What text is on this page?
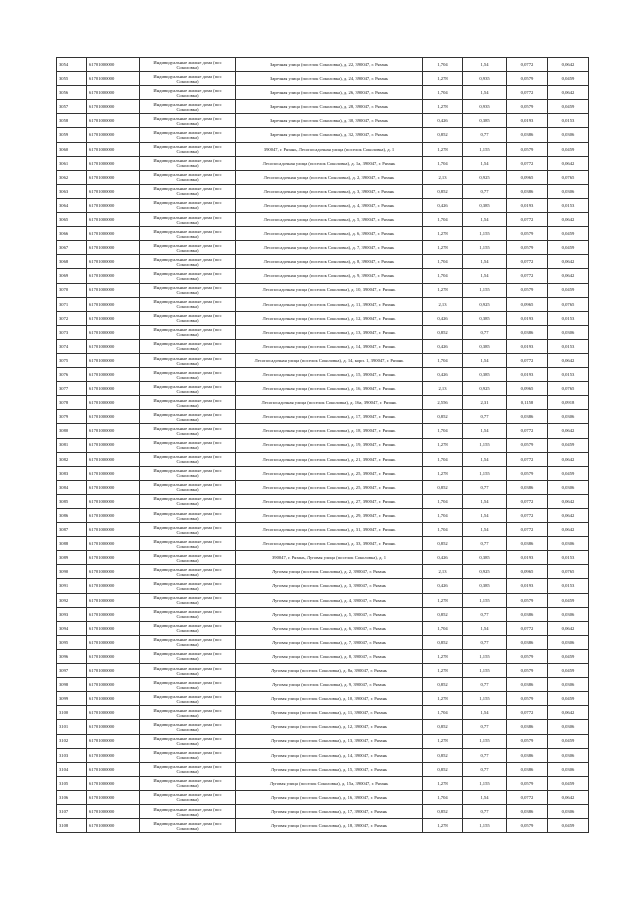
3054	61701000000	Индивидуальные жилые дома (пос Соколовка)	Заречная улица (поселок Соколовка), д. 22, 390047, г. Рязань	1,704	1,54	0,0772	0,0642
3055	61701000000	Индивидуальные жилые дома (пос Соколовка)	Заречная улица (поселок Соколовка), д. 24, 390047, г. Рязань	1,278	0,935	0,0579	0,0459
3056	61701000000	Индивидуальные жилые дома (пос Соколовка)	Заречная улица (поселок Соколовка), д. 26, 390047, г. Рязань	1,704	1,54	0,0772	0,0642
3057	61701000000	Индивидуальные жилые дома (пос Соколовка)	Заречная улица (поселок Соколовка), д. 28, 390047, г. Рязань	1,278	0,935	0,0579	0,0459
3058	61701000000	Индивидуальные жилые дома (пос Соколовка)	Заречная улица (поселок Соколовка), д. 30, 390047, г. Рязань	0,426	0,385	0,0193	0,0153
3059	61701000000	Индивидуальные жилые дома (пос Соколовка)	Заречная улица (поселок Соколовка), д. 32, 390047, г. Рязань	0,852	0,77	0,0386	0,0306
3060	61701000000	Индивидуальные жилые дома (пос Соколовка)	390047, г. Рязань, Лесопосадочная улица (поселок Соколовка), д. 1	1,278	1,155	0,0579	0,0459
3061	61701000000	Индивидуальные жилые дома (пос Соколовка)	Лесопосадочная улица (поселок Соколовка), д. 1а, 390047, г. Рязань	1,704	1,54	0,0772	0,0642
3062	61701000000	Индивидуальные жилые дома (пос Соколовка)	Лесопосадочная улица (поселок Соколовка), д. 2, 390047, г. Рязань	2,13	0,925	0,0965	0,0765
3063	61701000000	Индивидуальные жилые дома (пос Соколовка)	Лесопосадочная улица (поселок Соколовка), д. 3, 390047, г. Рязань	0,852	0,77	0,0386	0,0306
3064	61701000000	Индивидуальные жилые дома (пос Соколовка)	Лесопосадочная улица (поселок Соколовка), д. 4, 390047, г. Рязань	0,426	0,385	0,0193	0,0153
3065	61701000000	Индивидуальные жилые дома (пос Соколовка)	Лесопосадочная улица (поселок Соколовка), д. 5, 390047, г. Рязань	1,704	1,54	0,0772	0,0642
3066	61701000000	Индивидуальные жилые дома (пос Соколовка)	Лесопосадочная улица (поселок Соколовка), д. 6, 390047, г. Рязань	1,278	1,155	0,0579	0,0459
3067	61701000000	Индивидуальные жилые дома (пос Соколовка)	Лесопосадочная улица (поселок Соколовка), д. 7, 390047, г. Рязань	1,278	1,155	0,0579	0,0459
3068	61701000000	Индивидуальные жилые дома (пос Соколовка)	Лесопосадочная улица (поселок Соколовка), д. 8, 390047, г. Рязань	1,704	1,54	0,0772	0,0642
3069	61701000000	Индивидуальные жилые дома (пос Соколовка)	Лесопосадочная улица (поселок Соколовка), д. 9, 390047, г. Рязань	1,704	1,54	0,0772	0,0642
3070	61701000000	Индивидуальные жилые дома (пос Соколовка)	Лесопосадочная улица (поселок Соколовка), д. 10, 390047, г. Рязань	1,278	1,155	0,0579	0,0459
3071	61701000000	Индивидуальные жилые дома (пос Соколовка)	Лесопосадочная улица (поселок Соколовка), д. 11, 390047, г. Рязань	2,13	0,925	0,0965	0,0765
3072	61701000000	Индивидуальные жилые дома (пос Соколовка)	Лесопосадочная улица (поселок Соколовка), д. 12, 390047, г. Рязань	0,426	0,385	0,0193	0,0153
3073	61701000000	Индивидуальные жилые дома (пос Соколовка)	Лесопосадочная улица (поселок Соколовка), д. 13, 390047, г. Рязань	0,852	0,77	0,0386	0,0306
3074	61701000000	Индивидуальные жилые дома (пос Соколовка)	Лесопосадочная улица (поселок Соколовка), д. 14, 390047, г. Рязань	0,426	0,385	0,0193	0,0153
3075	61701000000	Индивидуальные жилые дома (пос Соколовка)	Лесопосадочная улица (поселок Соколовка), д. 14, корп. 1, 390047, г. Рязань	1,704	1,54	0,0772	0,0642
3076	61701000000	Индивидуальные жилые дома (пос Соколовка)	Лесопосадочная улица (поселок Соколовка), д. 15, 390047, г. Рязань	0,426	0,385	0,0193	0,0153
3077	61701000000	Индивидуальные жилые дома (пос Соколовка)	Лесопосадочная улица (поселок Соколовка), д. 16, 390047, г. Рязань	2,13	0,925	0,0965	0,0765
3078	61701000000	Индивидуальные жилые дома (пос Соколовка)	Лесопосадочная улица (поселок Соколовка), д. 16а, 390047, г. Рязань	2,556	2,31	0,1158	0,0918
3079	61701000000	Индивидуальные жилые дома (пос Соколовка)	Лесопосадочная улица (поселок Соколовка), д. 17, 390047, г. Рязань	0,852	0,77	0,0386	0,0306
3080	61701000000	Индивидуальные жилые дома (пос Соколовка)	Лесопосадочная улица (поселок Соколовка), д. 18, 390047, г. Рязань	1,704	1,54	0,0772	0,0642
3081	61701000000	Индивидуальные жилые дома (пос Соколовка)	Лесопосадочная улица (поселок Соколовка), д. 19, 390047, г. Рязань	1,278	1,155	0,0579	0,0459
3082	61701000000	Индивидуальные жилые дома (пос Соколовка)	Лесопосадочная улица (поселок Соколовка), д. 21, 390047, г. Рязань	1,704	1,54	0,0772	0,0642
3083	61701000000	Индивидуальные жилые дома (пос Соколовка)	Лесопосадочная улица (поселок Соколовка), д. 25, 390047, г. Рязань	1,278	1,155	0,0579	0,0459
3084	61701000000	Индивидуальные жилые дома (пос Соколовка)	Лесопосадочная улица (поселок Соколовка), д. 25, 390047, г. Рязань	0,852	0,77	0,0386	0,0306
3085	61701000000	Индивидуальные жилые дома (пос Соколовка)	Лесопосадочная улица (поселок Соколовка), д. 27, 390047, г. Рязань	1,704	1,54	0,0772	0,0642
3086	61701000000	Индивидуальные жилые дома (пос Соколовка)	Лесопосадочная улица (поселок Соколовка), д. 29, 390047, г. Рязань	1,704	1,54	0,0772	0,0642
3087	61701000000	Индивидуальные жилые дома (пос Соколовка)	Лесопосадочная улица (поселок Соколовка), д. 31, 390047, г. Рязань	1,704	1,54	0,0772	0,0642
3088	61701000000	Индивидуальные жилые дома (пос Соколовка)	Лесопосадочная улица (поселок Соколовка), д. 33, 390047, г. Рязань	0,852	0,77	0,0386	0,0306
3089	61701000000	Индивидуальные жилые дома (пос Соколовка)	390047, г. Рязань, Луговая улица (поселок Соколовка), д. 1	0,426	0,385	0,0193	0,0153
3090	61701000000	Индивидуальные жилые дома (пос Соколовка)	Луговая улица (поселок Соколовка), д. 2, 390047, г. Рязань	2,13	0,925	0,0965	0,0765
3091	61701000000	Индивидуальные жилые дома (пос Соколовка)	Луговая улица (поселок Соколовка), д. 3, 390047, г. Рязань	0,426	0,385	0,0193	0,0153
3092	61701000000	Индивидуальные жилые дома (пос Соколовка)	Луговая улица (поселок Соколовка), д. 4, 390047, г. Рязань	1,278	1,155	0,0579	0,0459
3093	61701000000	Индивидуальные жилые дома (пос Соколовка)	Луговая улица (поселок Соколовка), д. 5, 390047, г. Рязань	0,852	0,77	0,0386	0,0306
3094	61701000000	Индивидуальные жилые дома (пос Соколовка)	Луговая улица (поселок Соколовка), д. 6, 390047, г. Рязань	1,704	1,54	0,0772	0,0642
3095	61701000000	Индивидуальные жилые дома (пос Соколовка)	Луговая улица (поселок Соколовка), д. 7, 390047, г. Рязань	0,852	0,77	0,0386	0,0306
3096	61701000000	Индивидуальные жилые дома (пос Соколовка)	Луговая улица (поселок Соколовка), д. 8, 390047, г. Рязань	1,278	1,155	0,0579	0,0459
3097	61701000000	Индивидуальные жилые дома (пос Соколовка)	Луговая улица (поселок Соколовка), д. 8а, 390047, г. Рязань	1,278	1,155	0,0579	0,0459
3098	61701000000	Индивидуальные жилые дома (пос Соколовка)	Луговая улица (поселок Соколовка), д. 9, 390047, г. Рязань	0,852	0,77	0,0386	0,0306
3099	61701000000	Индивидуальные жилые дома (пос Соколовка)	Луговая улица (поселок Соколовка), д. 10, 390047, г. Рязань	1,278	1,155	0,0579	0,0459
3100	61701000000	Индивидуальные жилые дома (пос Соколовка)	Луговая улица (поселок Соколовка), д. 11, 390047, г. Рязань	1,704	1,54	0,0772	0,0642
3101	61701000000	Индивидуальные жилые дома (пос Соколовка)	Луговая улица (поселок Соколовка), д. 12, 390047, г. Рязань	0,852	0,77	0,0386	0,0306
3102	61701000000	Индивидуальные жилые дома (пос Соколовка)	Луговая улица (поселок Соколовка), д. 13, 390047, г. Рязань	1,278	1,155	0,0579	0,0459
3103	61701000000	Индивидуальные жилые дома (пос Соколовка)	Луговая улица (поселок Соколовка), д. 14, 390047, г. Рязань	0,852	0,77	0,0386	0,0306
3104	61701000000	Индивидуальные жилые дома (пос Соколовка)	Луговая улица (поселок Соколовка), д. 15, 390047, г. Рязань	0,852	0,77	0,0386	0,0306
3105	61701000000	Индивидуальные жилые дома (пос Соколовка)	Луговая улица (поселок Соколовка), д. 15а, 390047, г. Рязань	1,278	1,155	0,0579	0,0459
3106	61701000000	Индивидуальные жилые дома (пос Соколовка)	Луговая улица (поселок Соколовка), д. 16, 390047, г. Рязань	1,704	1,54	0,0772	0,0642
3107	61701000000	Индивидуальные жилые дома (пос Соколовка)	Луговая улица (поселок Соколовка), д. 17, 390047, г. Рязань	0,852	0,77	0,0386	0,0306
3108	61701000000	Индивидуальные жилые дома (пос Соколовка)	Луговая улица (поселок Соколовка), д. 18, 390047, г. Рязань	1,278	1,155	0,0579	0,0459
